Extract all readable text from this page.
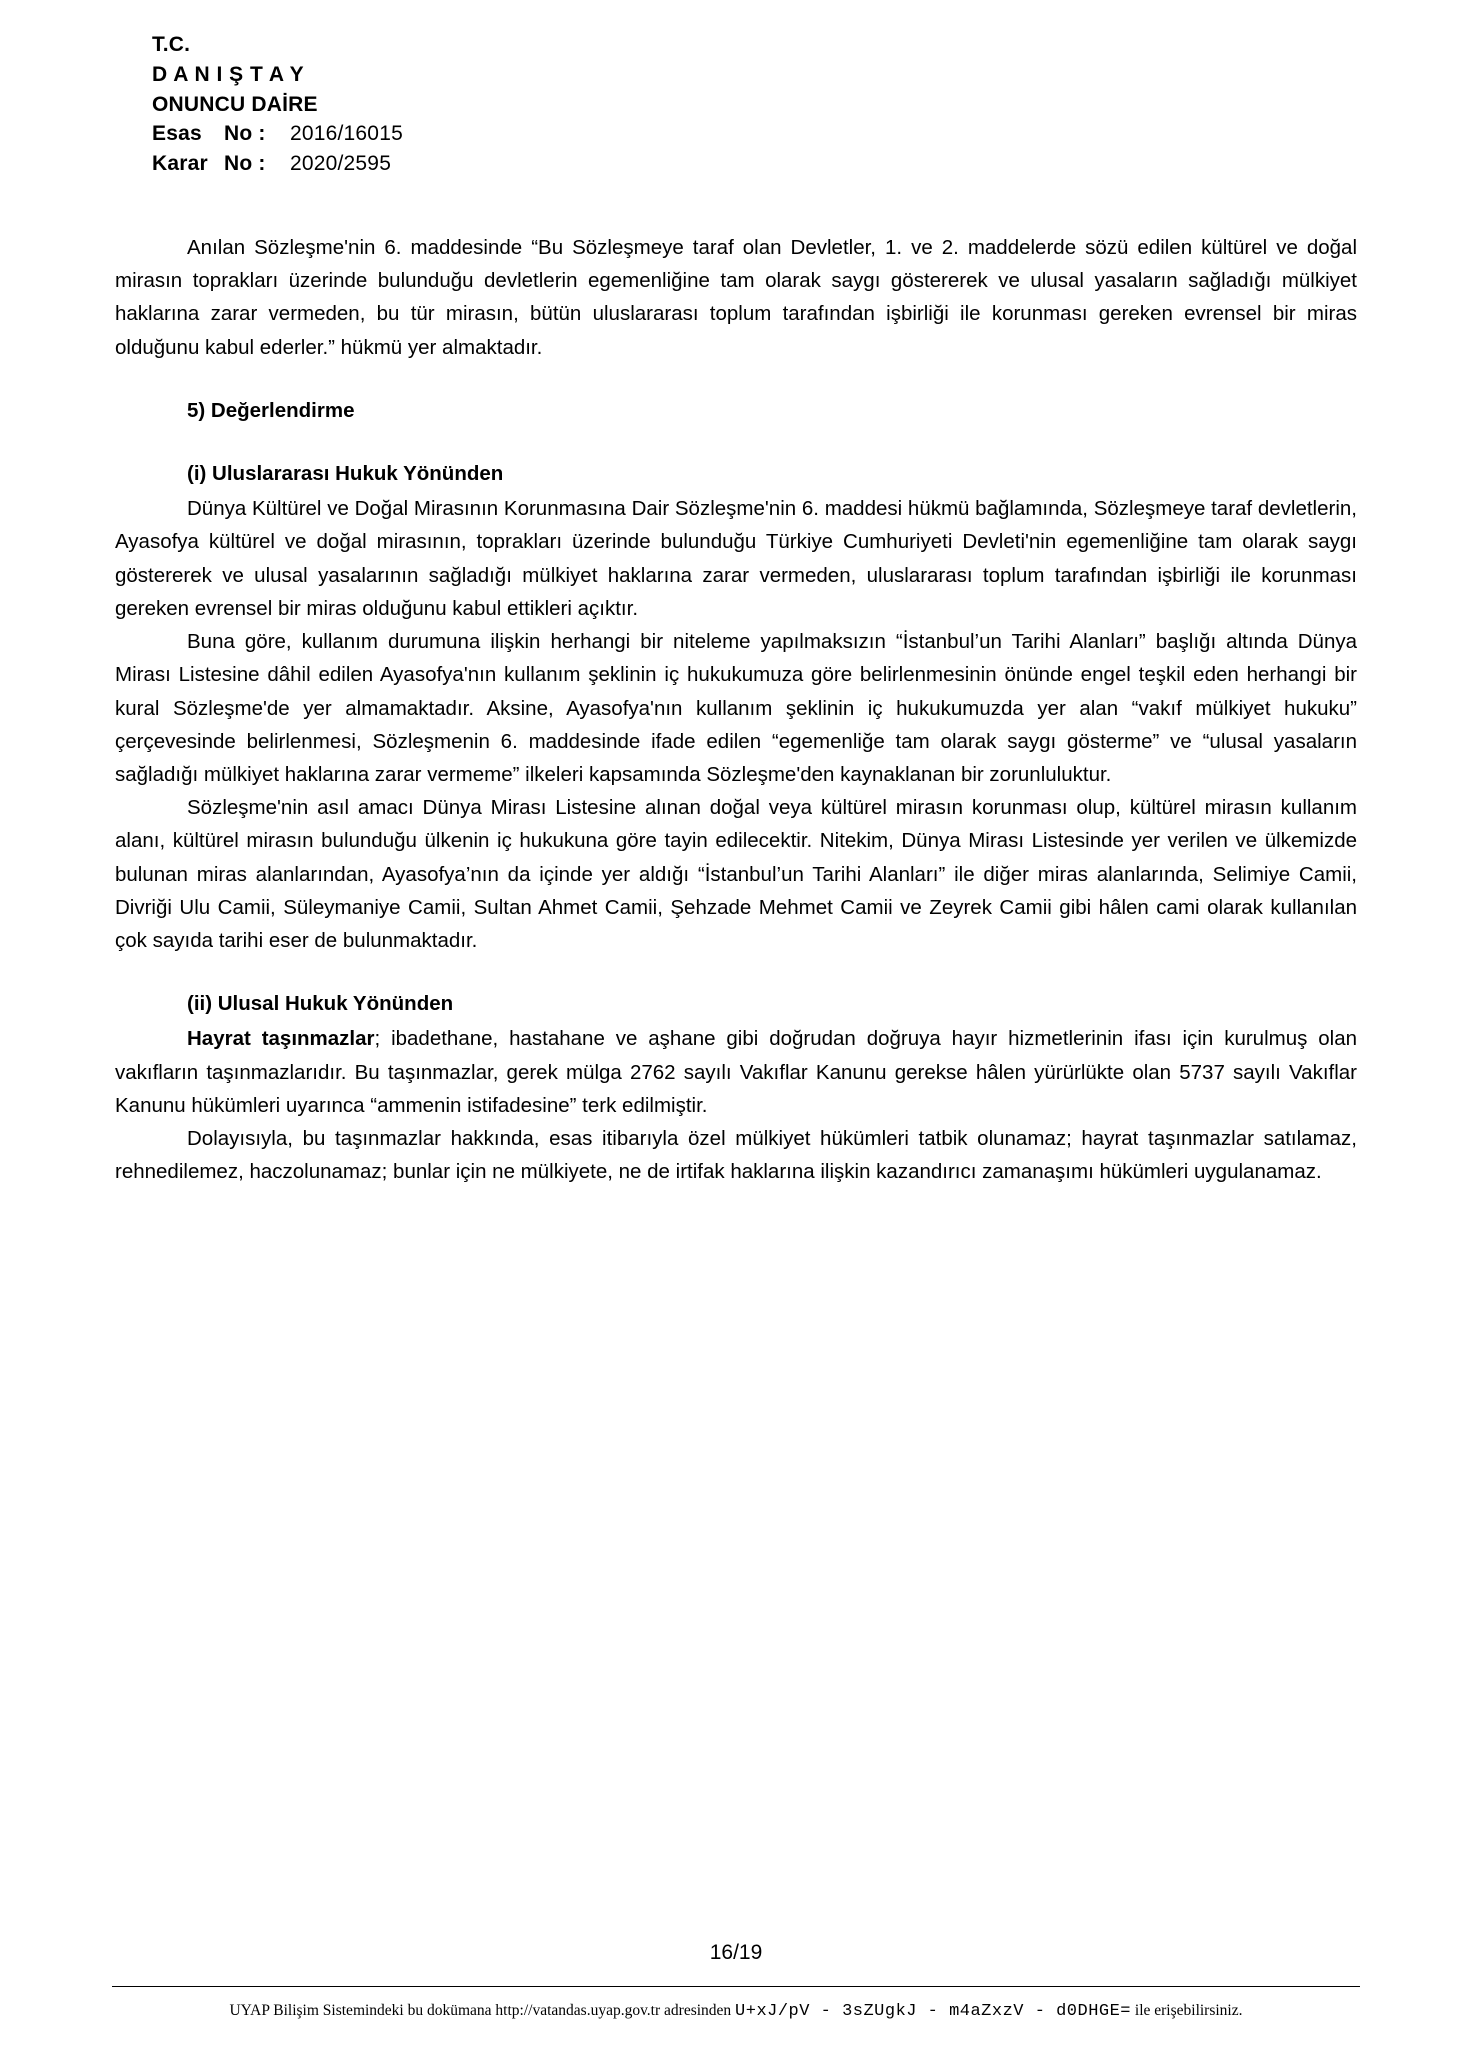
T.C.
D A N I Ş T A Y
ONUNCU DAİRE
Esas	No :	2016/16015
Karar No :	2020/2595

Anılan Sözleşme'nin 6. maddesinde “Bu Sözleşmeye taraf olan Devletler, 1. ve 2. maddelerde sözü edilen kültürel ve doğal mirasın toprakları üzerinde bulunduğu devletlerin egemenliğine tam olarak saygı göstererek ve ulusal yasaların sağladığı mülkiyet haklarına zarar vermeden, bu tür mirasın, bütün uluslararası toplum tarafından işbirliği ile korunması gereken evrensel bir miras olduğunu kabul ederler.” hükmü yer almaktadır.

5) Değerlendirme

(i) Uluslararası Hukuk Yönünden

Dünya Kültürel ve Doğal Mirasının Korunmasına Dair Sözleşme'nin 6. maddesi hükmü bağlamında, Sözleşmeye taraf devletlerin, Ayasofya kültürel ve doğal mirasının, toprakları üzerinde bulunduğu Türkiye Cumhuriyeti Devleti'nin egemenliğine tam olarak saygı göstererek ve ulusal yasalarının sağladığı mülkiyet haklarına zarar vermeden, uluslararası toplum tarafından işbirliği ile korunması gereken evrensel bir miras olduğunu kabul ettikleri açıktır.

Buna göre, kullanım durumuna ilişkin herhangi bir niteleme yapılmaksızın “İstanbul’un Tarihi Alanları” başlığı altında Dünya Mirası Listesine dâhil edilen Ayasofya'nın kullanım şeklinin iç hukukumuza göre belirlenmesinin önünde engel teşkil eden herhangi bir kural Sözleşme'de yer almamaktadır. Aksine, Ayasofya'nın kullanım şeklinin iç hukukumuzda yer alan “vakıf mülkiyet hukuku” çerçevesinde belirlenmesi, Sözleşmenin 6. maddesinde ifade edilen “egemenliğe tam olarak saygı gösterme” ve “ulusal yasaların sağladığı mülkiyet haklarına zarar vermeme” ilkeleri kapsamında Sözleşme'den kaynaklanan bir zorunluluktur.

Sözleşme'nin asıl amacı Dünya Mirası Listesine alınan doğal veya kültürel mirasın korunması olup, kültürel mirasın kullanım alanı, kültürel mirasın bulunduğu ülkenin iç hukukuna göre tayin edilecektir. Nitekim, Dünya Mirası Listesinde yer verilen ve ülkemizde bulunan miras alanlarından, Ayasofya’nın da içinde yer aldığı “İstanbul’un Tarihi Alanları” ile diğer miras alanlarında, Selimiye Camii, Divriği Ulu Camii, Süleymaniye Camii, Sultan Ahmet Camii, Şehzade Mehmet Camii ve Zeyrek Camii gibi hâlen cami olarak kullanılan çok sayıda tarihi eser de bulunmaktadır.

(ii) Ulusal Hukuk Yönünden

Hayrat taşınmazlar; ibadethane, hastahane ve aşhane gibi doğrudan doğruya hayır hizmetlerinin ifası için kurulmuş olan vakıfların taşınmazlarıdır. Bu taşınmazlar, gerek mülga 2762 sayılı Vakıflar Kanunu gerekse hâlen yürürlükte olan 5737 sayılı Vakıflar Kanunu hükümleri uyarınca “ammenin istifadesine” terk edilmiştir.

Dolayısıyla, bu taşınmazlar hakkında, esas itibarıyla özel mülkiyet hükümleri tatbik olunamaz; hayrat taşınmazlar satılamaz, rehnedilemez, haczolunamaz; bunlar için ne mülkiyete, ne de irtifak haklarına ilişkin kazandırıcı zamanaşımı hükümleri uygulanamaz.

16/19
UYAP Bilişim Sistemindeki bu dokümana http://vatandas.uyap.gov.tr adresinden U+xJ/pV - 3sZUgkJ - m4aZxzV - d0DHGE= ile erişebilirsiniz.
